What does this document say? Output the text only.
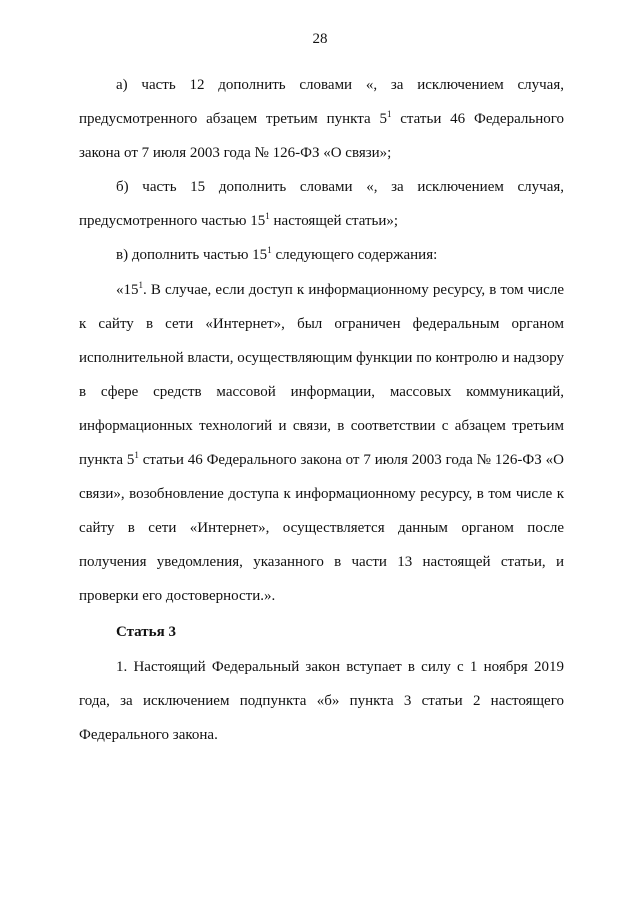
28

а) часть 12 дополнить словами «, за исключением случая, предусмотренного абзацем третьим пункта $5^1$ статьи 46 Федерального закона от 7 июля 2003 года № 126-ФЗ «О связи»;

б) часть 15 дополнить словами «, за исключением случая, предусмотренного частью $15^1$ настоящей статьи»;

в) дополнить частью $15^1$ следующего содержания:

«$15^1$. В случае, если доступ к информационному ресурсу, в том числе к сайту в сети «Интернет», был ограничен федеральным органом исполнительной власти, осуществляющим функции по контролю и надзору в сфере средств массовой информации, массовых коммуникаций, информационных технологий и связи, в соответствии с абзацем третьим пункта $5^1$ статьи 46 Федерального закона от 7 июля 2003 года № 126-ФЗ «О связи», возобновление доступа к информационному ресурсу, в том числе к сайту в сети «Интернет», осуществляется данным органом после получения уведомления, указанного в части 13 настоящей статьи, и проверки его достоверности.».

Статья 3

1. Настоящий Федеральный закон вступает в силу с 1 ноября 2019 года, за исключением подпункта «б» пункта 3 статьи 2 настоящего Федерального закона.
